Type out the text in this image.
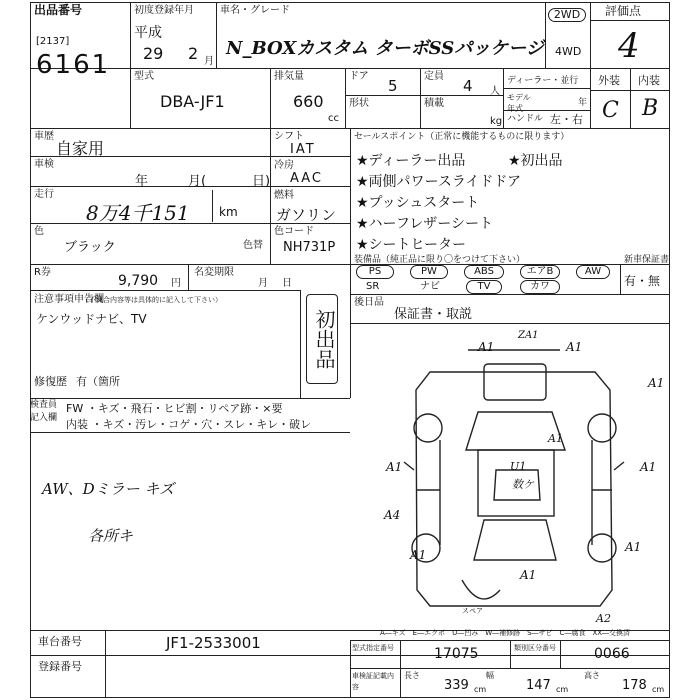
出品番号
[2137]
6161
初度登録年月
平成
29 2 月
車名・グレード
N_BOXカスタム ターボSSパッケージ
2WD
4WD
評価点
4
外装 内装
C B
型式
DBA-JF1
排気量
660
cc
ドア
5
定員
4 人
形状	積載
kg
ディーラー・並行
モデル年式
年
ハンドル 左・右
車歴
自家用
車検
年	月(	日)
走行
8万4千151 km
色
ブラック	色替
R券
9,790 円
名変期限
月日
シフト
IAT
冷房
AAC
燃料
ガソリン
色コード
NH731P
セールスポイント（正常に機能するものに限ります）
★ディーラー出品	★初出品
★両側パワースライドドア
★プッシュスタート
★ハーフレザーシート
★シートヒーター
装備品（純正品に限り〇をつけて下さい）
PS	PW	ABS	エアB	AW
SR	ナビ	TV	カワ
新車保証書
有・無
注意事項申告欄
（不具合内容等は具体的に記入して下さい）
ケンウッドナビ、TV
修復歴 有（箇所
初出品
後日品
保証書・取説
検査員
記入欄
FW ・キズ・飛石・ヒビ割・リペア跡・×要
内装 ・キズ・汚レ・コゲ・穴・スレ・キレ・破レ
AW、Dミラー キズ
各所キ
A1	A1
A1
A4
A1
A1
A1
A1
A2
A1
A1
ZA1
U1
数ケ
スペア
A―キズ　E―エクボ　U―凹み　W―補修跡　S―サビ　C―腐食　XX―交換済
車台番号	JF1-2533001
登録番号
型式指定番号	17075	類別区分番号	0066
車検証記載内容
長さ
339 cm
幅
147 cm
高さ
178 cm
